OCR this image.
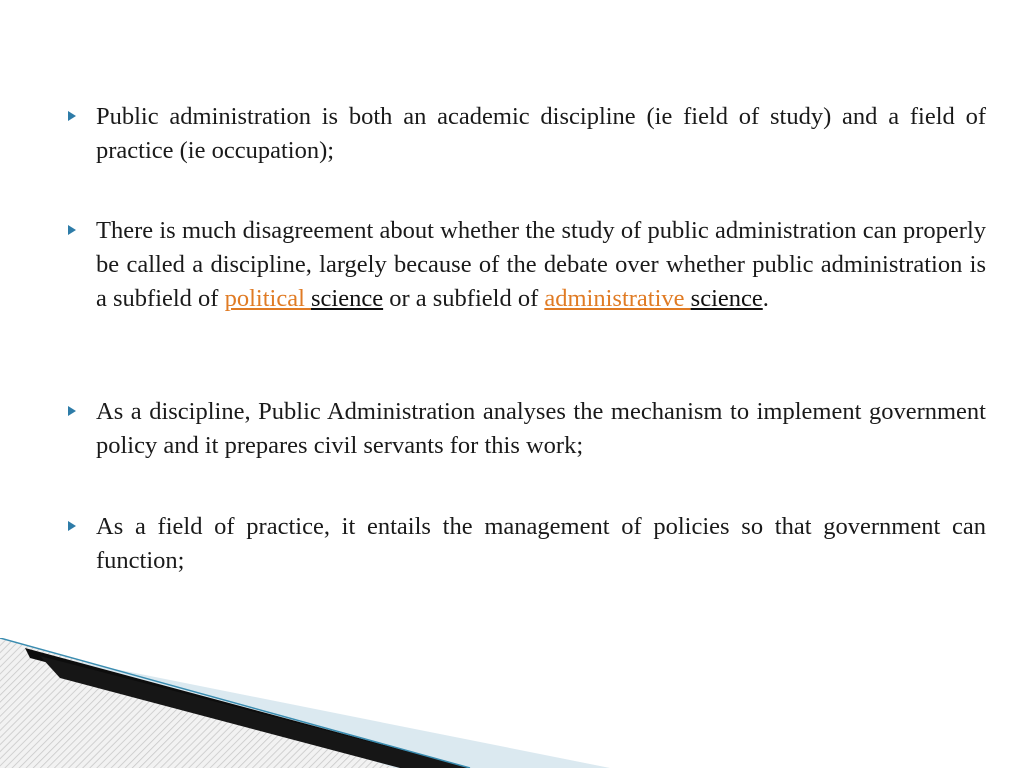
Public administration is both an academic discipline (ie field of study) and a field of practice (ie occupation);

There is much disagreement about whether the study of public administration can properly be called a discipline, largely because of the debate over whether public administration is a subfield of political science or a subfield of administrative science.

As a discipline, Public Administration analyses the mechanism to implement government policy and it prepares civil servants for this work;

As a field of practice, it entails the management of policies so that government can function;
